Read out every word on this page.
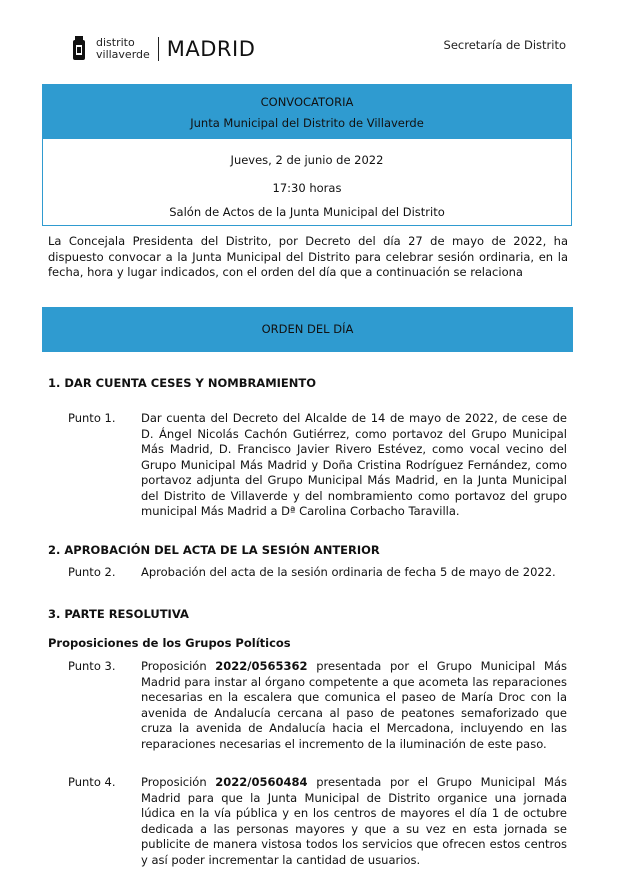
distrito
villaverde MADRID	Secretaría de Distrito
CONVOCATORIA
Junta Municipal del Distrito de Villaverde
Jueves, 2 de junio de 2022
17:30 horas
Salón de Actos de la Junta Municipal del Distrito
La Concejala Presidenta del Distrito, por Decreto del día 27 de mayo de 2022, ha dispuesto convocar a la Junta Municipal del Distrito para celebrar sesión ordinaria, en la fecha, hora y lugar indicados, con el orden del día que a continuación se relaciona
ORDEN DEL DÍA
1. DAR CUENTA CESES Y NOMBRAMIENTO
Punto 1. Dar cuenta del Decreto del Alcalde de 14 de mayo de 2022, de cese de D. Ángel Nicolás Cachón Gutiérrez, como portavoz del Grupo Municipal Más Madrid, D. Francisco Javier Rivero Estévez, como vocal vecino del Grupo Municipal Más Madrid y Doña Cristina Rodríguez Fernández, como portavoz adjunta del Grupo Municipal Más Madrid, en la Junta Municipal del Distrito de Villaverde y del nombramiento como portavoz del grupo municipal Más Madrid a Dª Carolina Corbacho Taravilla.
2. APROBACIÓN DEL ACTA DE LA SESIÓN ANTERIOR
Punto 2. Aprobación del acta de la sesión ordinaria de fecha 5 de mayo de 2022.
3. PARTE RESOLUTIVA
Proposiciones de los Grupos Políticos
Punto 3. Proposición 2022/0565362 presentada por el Grupo Municipal Más Madrid para instar al órgano competente a que acometa las reparaciones necesarias en la escalera que comunica el paseo de María Droc con la avenida de Andalucía cercana al paso de peatones semaforizado que cruza la avenida de Andalucía hacia el Mercadona, incluyendo en las reparaciones necesarias el incremento de la iluminación de este paso.
Punto 4. Proposición 2022/0560484 presentada por el Grupo Municipal Más Madrid para que la Junta Municipal de Distrito organice una jornada lúdica en la vía pública y en los centros de mayores el día 1 de octubre dedicada a las personas mayores y que a su vez en esta jornada se publicite de manera vistosa todos los servicios que ofrecen estos centros y así poder incrementar la cantidad de usuarios.
